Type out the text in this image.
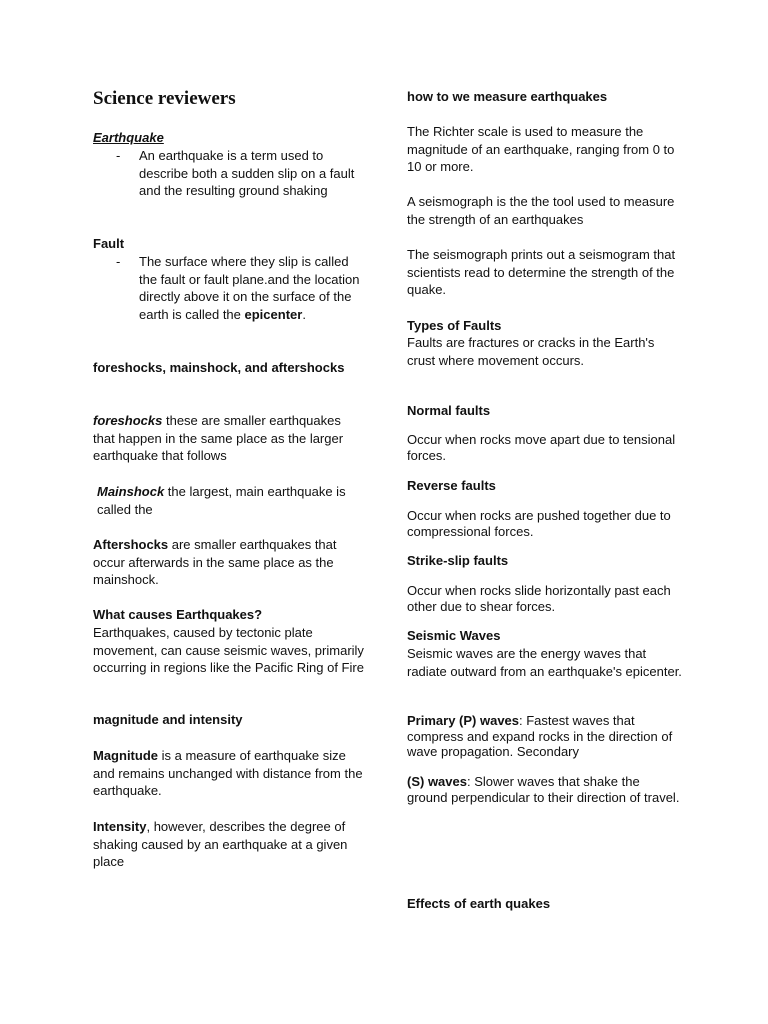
Science reviewers
Earthquake
-	An earthquake is a term used to describe both a sudden slip on a fault and the resulting ground shaking
Fault
-	The surface where they slip is called the fault or fault plane.and the location directly above it on the surface of the earth is called the epicenter.
foreshocks, mainshock, and aftershocks
foreshocks these are smaller earthquakes that happen in the same place as the larger earthquake that follows
Mainshock the largest, main earthquake is called the
Aftershocks are smaller earthquakes that occur afterwards in the same place as the mainshock.
What causes Earthquakes?
Earthquakes, caused by tectonic plate movement, can cause seismic waves, primarily occurring in regions like the Pacific Ring of Fire
magnitude and intensity
Magnitude is a measure of earthquake size and remains unchanged with distance from the earthquake.
Intensity, however, describes the degree of shaking caused by an earthquake at a given place
how to we measure earthquakes
The Richter scale is used to measure the magnitude of an earthquake, ranging from 0 to 10 or more.
A seismograph is the the tool used to measure the strength of an earthquakes
The seismograph prints out a seismogram that scientists read to determine the strength of the quake.
Types of Faults
Faults are fractures or cracks in the Earth's crust where movement occurs.
Normal faults
Occur when rocks move apart due to tensional forces.
Reverse faults
Occur when rocks are pushed together due to compressional forces.
Strike-slip faults
Occur when rocks slide horizontally past each other due to shear forces.
Seismic Waves
Seismic waves are the energy waves that radiate outward from an earthquake's epicenter.
Primary (P) waves: Fastest waves that compress and expand rocks in the direction of wave propagation. Secondary
(S) waves: Slower waves that shake the ground perpendicular to their direction of travel.
Effects of earth quakes
